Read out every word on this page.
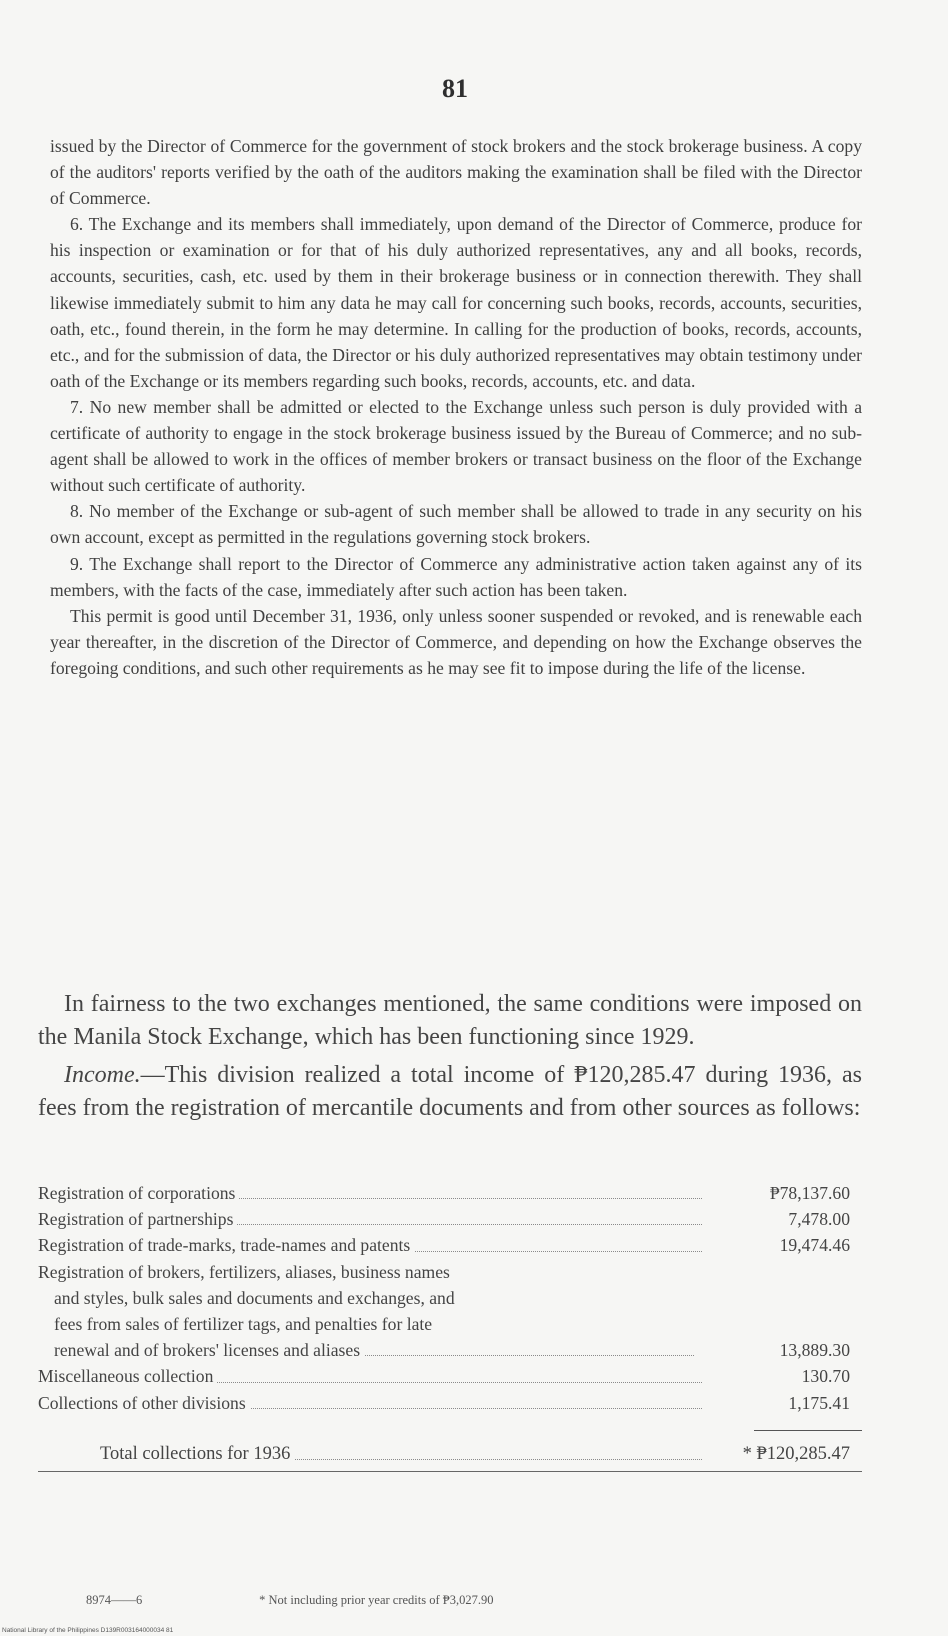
81

issued by the Director of Commerce for the government of stock brokers and the stock brokerage business. A copy of the auditors' reports verified by the oath of the auditors making the examination shall be filed with the Director of Commerce.

6. The Exchange and its members shall immediately, upon demand of the Director of Commerce, produce for his inspection or examination or for that of his duly authorized representatives, any and all books, records, accounts, securities, cash, etc. used by them in their brokerage business or in connection therewith. They shall likewise immediately submit to him any data he may call for concerning such books, records, accounts, securities, oath, etc., found therein, in the form he may determine. In calling for the production of books, records, accounts, etc., and for the submission of data, the Director or his duly authorized representatives may obtain testimony under oath of the Exchange or its members regarding such books, records, accounts, etc. and data.

7. No new member shall be admitted or elected to the Exchange unless such person is duly provided with a certificate of authority to engage in the stock brokerage business issued by the Bureau of Commerce; and no sub-agent shall be allowed to work in the offices of member brokers or transact business on the floor of the Exchange without such certificate of authority.

8. No member of the Exchange or sub-agent of such member shall be allowed to trade in any security on his own account, except as permitted in the regulations governing stock brokers.

9. The Exchange shall report to the Director of Commerce any administrative action taken against any of its members, with the facts of the case, immediately after such action has been taken.

This permit is good until December 31, 1936, only unless sooner suspended or revoked, and is renewable each year thereafter, in the discretion of the Director of Commerce, and depending on how the Exchange observes the foregoing conditions, and such other requirements as he may see fit to impose during the life of the license.

In fairness to the two exchanges mentioned, the same conditions were imposed on the Manila Stock Exchange, which has been functioning since 1929.

Income.—This division realized a total income of ₱120,285.47 during 1936, as fees from the registration of mercantile documents and from other sources as follows:

Registration of corporations	₱78,137.60
Registration of partnerships	7,478.00
Registration of trade-marks, trade-names and patents	19,474.46
Registration of brokers, fertilizers, aliases, business names
and styles, bulk sales and documents and exchanges, and
fees from sales of fertilizer tags, and penalties for late
renewal and of brokers' licenses and aliases	13,889.30
Miscellaneous collection	130.70
Collections of other divisions	1,175.41
Total collections for 1936	* ₱120,285.47
8974——6	* Not including prior year credits of ₱3,027.90
National Library of the Philippines D139R003164000034 81
